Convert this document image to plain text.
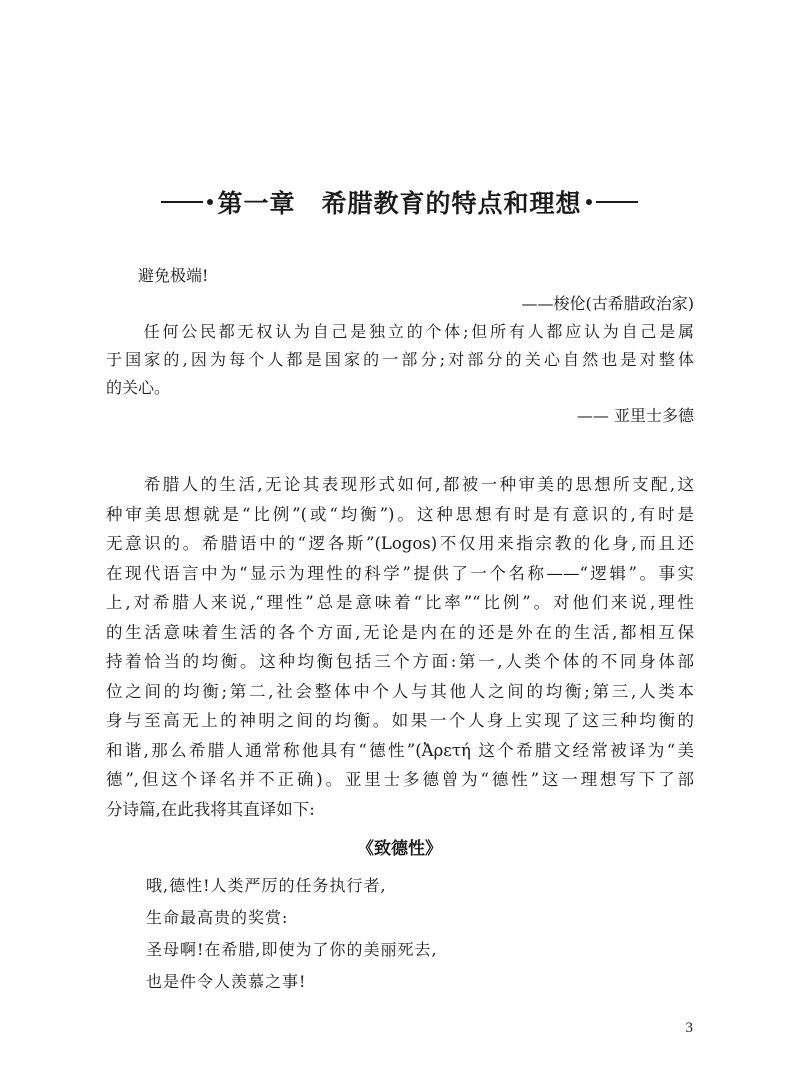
第一章　希腊教育的特点和理想
　　避免极端!
——梭伦(古希腊政治家)
　　任何公民都无权认为自己是独立的个体;但所有人都应认为自己是属
于国家的,因为每个人都是国家的一部分;对部分的关心自然也是对整体
的关心。
—— 亚里士多德
　　希腊人的生活,无论其表现形式如何,都被一种审美的思想所支配,这
种审美思想就是“比例”(或“均衡”)。这种思想有时是有意识的,有时是
无意识的。希腊语中的“逻各斯”(Logos)不仅用来指宗教的化身,而且还
在现代语言中为“显示为理性的科学”提供了一个名称——“逻辑”。事实
上,对希腊人来说,“理性”总是意味着“比率”“比例”。对他们来说,理性
的生活意味着生活的各个方面,无论是内在的还是外在的生活,都相互保
持着恰当的均衡。这种均衡包括三个方面:第一,人类个体的不同身体部
位之间的均衡;第二,社会整体中个人与其他人之间的均衡;第三,人类本
身与至高无上的神明之间的均衡。如果一个人身上实现了这三种均衡的
和谐,那么希腊人通常称他具有“德性”(Ἀρετή 这个希腊文经常被译为“美
德”,但这个译名并不正确)。亚里士多德曾为“德性”这一理想写下了部
分诗篇,在此我将其直译如下:
《致德性》
哦,德性!人类严厉的任务执行者,
生命最高贵的奖赏:
圣母啊!在希腊,即使为了你的美丽死去,
也是件令人羡慕之事!
3
